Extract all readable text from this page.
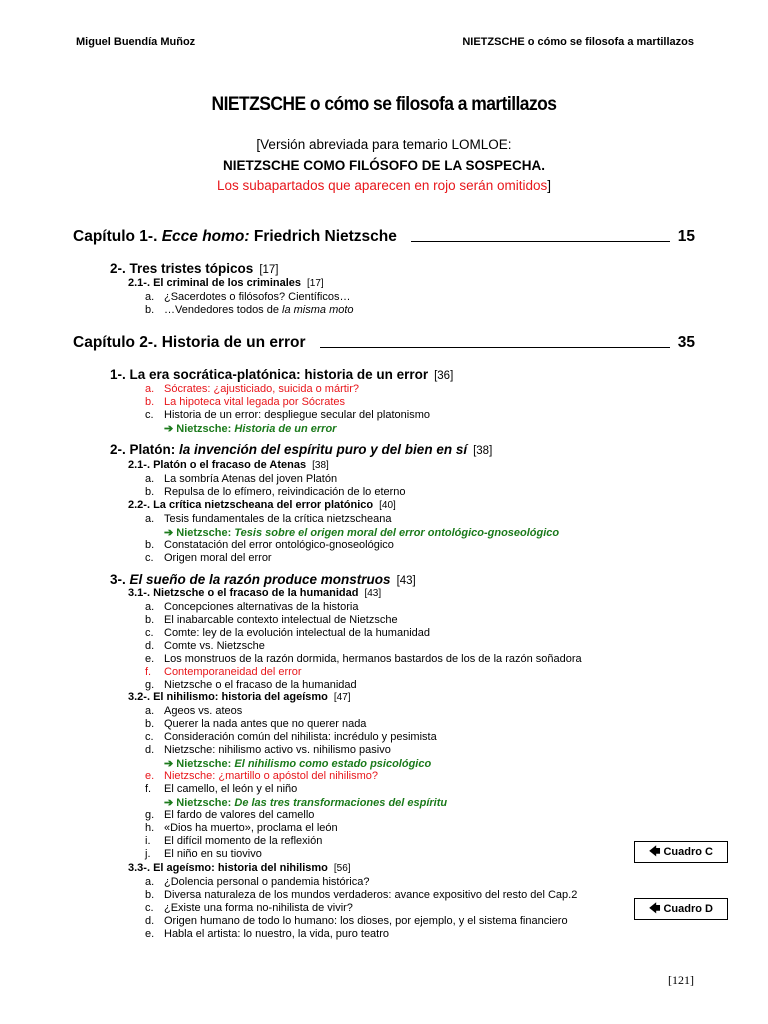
Miguel Buendía Muñoz	NIETZSCHE o cómo se filosofa a martillazos
NIETZSCHE o cómo se filosofa a martillazos
[Versión abreviada para temario LOMLOE:
NIETZSCHE COMO FILÓSOFO DE LA SOSPECHA.
Los subapartados que aparecen en rojo serán omitidos]
Capítulo 1-. Ecce homo: Friedrich Nietzsche	15
2-. Tres tristes tópicos [17]
2.1-. El criminal de los criminales [17]
a. ¿Sacerdotes o filósofos? Científicos…
b. …Vendedores todos de la misma moto
Capítulo 2-. Historia de un error	35
1-. La era socrática-platónica: historia de un error [36]
a. Sócrates: ¿ajusticiado, suicida o mártir?
b. La hipoteca vital legada por Sócrates
c. Historia de un error: despliegue secular del platonismo
➔ Nietzsche: Historia de un error
2-. Platón: la invención del espíritu puro y del bien en sí [38]
2.1-. Platón o el fracaso de Atenas [38]
a. La sombría Atenas del joven Platón
b. Repulsa de lo efímero, reivindicación de lo eterno
2.2-. La crítica nietzscheana del error platónico [40]
a. Tesis fundamentales de la crítica nietzscheana
➔ Nietzsche: Tesis sobre el origen moral del error ontológico-gnoseológico
b. Constatación del error ontológico-gnoseológico
c. Origen moral del error
3-. El sueño de la razón produce monstruos [43]
3.1-. Nietzsche o el fracaso de la humanidad [43]
a. Concepciones alternativas de la historia
b. El inabarcable contexto intelectual de Nietzsche
c. Comte: ley de la evolución intelectual de la humanidad
d. Comte vs. Nietzsche
e. Los monstruos de la razón dormida, hermanos bastardos de los de la razón soñadora
f. Contemporaneidad del error
g. Nietzsche o el fracaso de la humanidad
3.2-. El nihilismo: historia del ageísmo [47]
a. Ageos vs. ateos
b. Querer la nada antes que no querer nada
c. Consideración común del nihilista: incrédulo y pesimista
d. Nietzsche: nihilismo activo vs. nihilismo pasivo
➔ Nietzsche: El nihilismo como estado psicológico
e. Nietzsche: ¿martillo o apóstol del nihilismo?
f. El camello, el león y el niño
➔ Nietzsche: De las tres transformaciones del espíritu
g. El fardo de valores del camello
h. «Dios ha muerto», proclama el león
i. El difícil momento de la reflexión
j. El niño en su tiovivo
3.3-. El ageísmo: historia del nihilismo [56]
a. ¿Dolencia personal o pandemia histórica?
b. Diversa naturaleza de los mundos verdaderos: avance expositivo del resto del Cap.2
c. ¿Existe una forma no-nihilista de vivir?
d. Origen humano de todo lo humano: los dioses, por ejemplo, y el sistema financiero
e. Habla el artista: lo nuestro, la vida, puro teatro
🡄 Cuadro C
🡄 Cuadro D
[121]
